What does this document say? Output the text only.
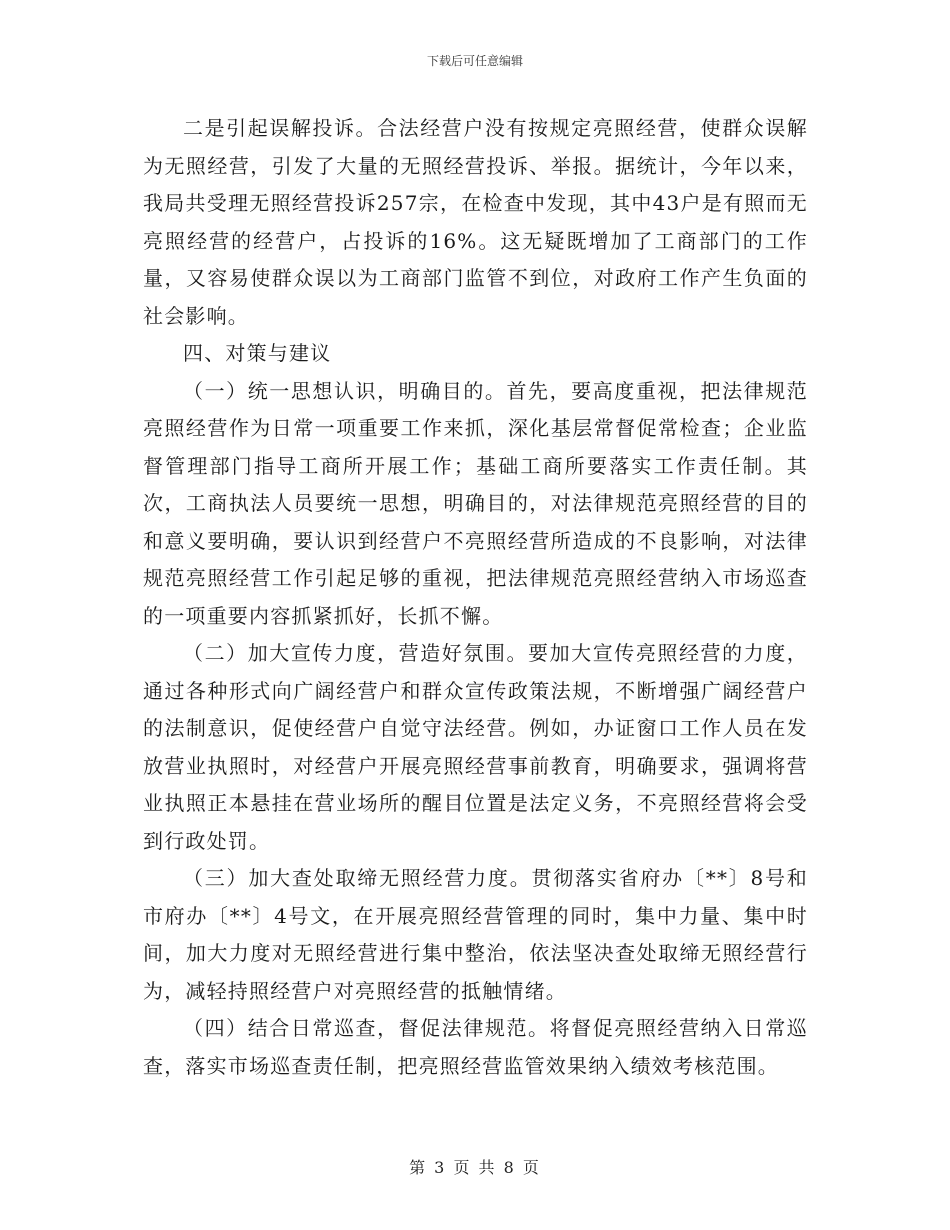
下载后可任意编辑

二是引起误解投诉。合法经营户没有按规定亮照经营，使群众误解为无照经营，引发了大量的无照经营投诉、举报。据统计，今年以来，我局共受理无照经营投诉257宗，在检查中发现，其中43户是有照而无亮照经营的经营户，占投诉的16%。这无疑既增加了工商部门的工作量，又容易使群众误以为工商部门监管不到位，对政府工作产生负面的社会影响。

四、对策与建议

（一）统一思想认识，明确目的。首先，要高度重视，把法律规范亮照经营作为日常一项重要工作来抓，深化基层常督促常检查；企业监督管理部门指导工商所开展工作；基础工商所要落实工作责任制。其次，工商执法人员要统一思想，明确目的，对法律规范亮照经营的目的和意义要明确，要认识到经营户不亮照经营所造成的不良影响，对法律规范亮照经营工作引起足够的重视，把法律规范亮照经营纳入市场巡查的一项重要内容抓紧抓好，长抓不懈。

（二）加大宣传力度，营造好氛围。要加大宣传亮照经营的力度，通过各种形式向广阔经营户和群众宣传政策法规，不断增强广阔经营户的法制意识，促使经营户自觉守法经营。例如，办证窗口工作人员在发放营业执照时，对经营户开展亮照经营事前教育，明确要求，强调将营业执照正本悬挂在营业场所的醒目位置是法定义务，不亮照经营将会受到行政处罚。

（三）加大查处取缔无照经营力度。贯彻落实省府办〔**〕8号和市府办〔**〕4号文，在开展亮照经营管理的同时，集中力量、集中时间，加大力度对无照经营进行集中整治，依法坚决查处取缔无照经营行为，减轻持照经营户对亮照经营的抵触情绪。

（四）结合日常巡查，督促法律规范。将督促亮照经营纳入日常巡查，落实市场巡查责任制，把亮照经营监管效果纳入绩效考核范围。

第 3 页 共 8 页
